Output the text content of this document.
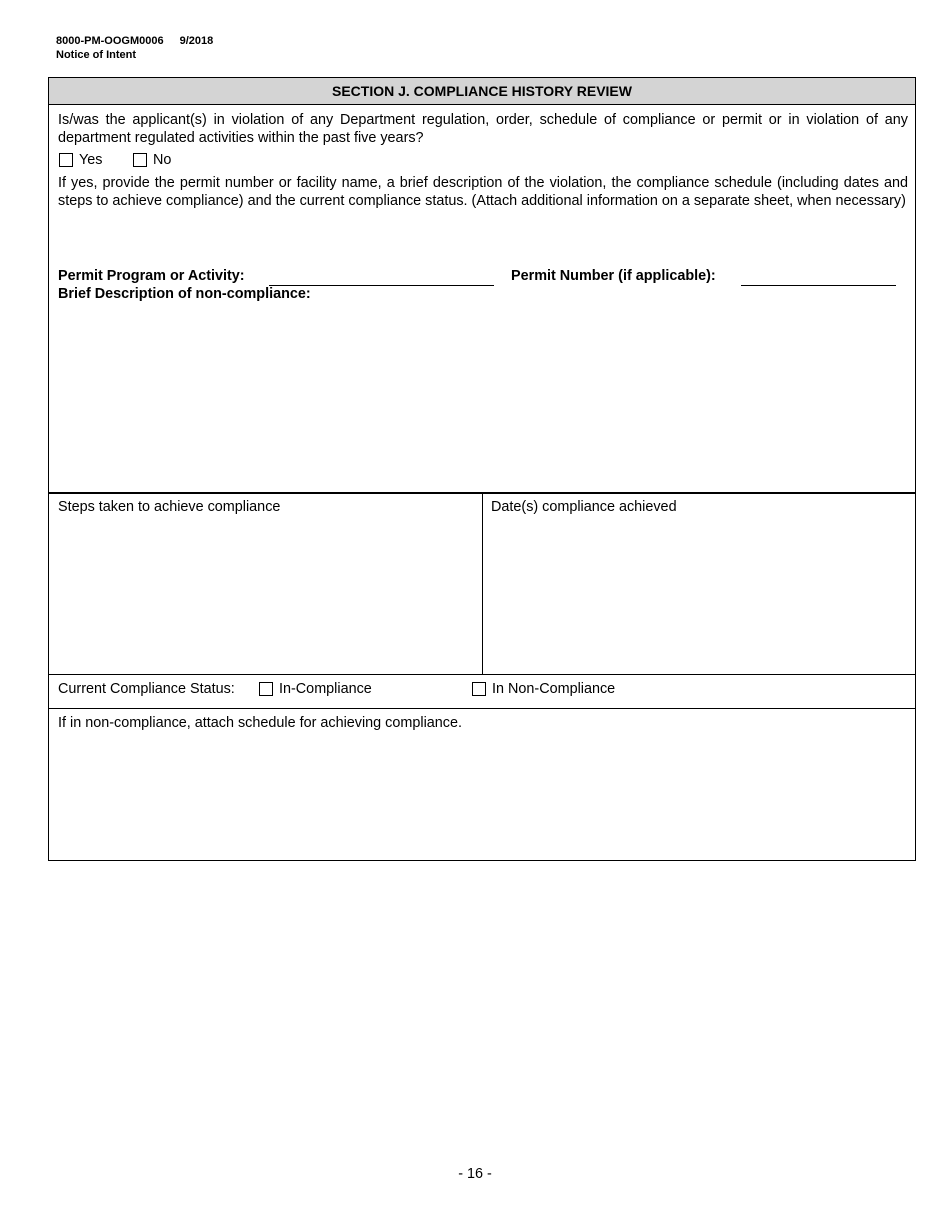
8000-PM-OOGM0006 9/2018
Notice of Intent
SECTION J. COMPLIANCE HISTORY REVIEW
Is/was the applicant(s) in violation of any Department regulation, order, schedule of compliance or permit or in violation of any department regulated activities within the past five years?
Yes	No
If yes, provide the permit number or facility name, a brief description of the violation, the compliance schedule (including dates and steps to achieve compliance) and the current compliance status. (Attach additional information on a separate sheet, when necessary)
Permit Program or Activity:	Permit Number (if applicable):
Brief Description of non-compliance:
Steps taken to achieve compliance	Date(s) compliance achieved
Current Compliance Status:	In-Compliance	In Non-Compliance
If in non-compliance, attach schedule for achieving compliance.
- 16 -
